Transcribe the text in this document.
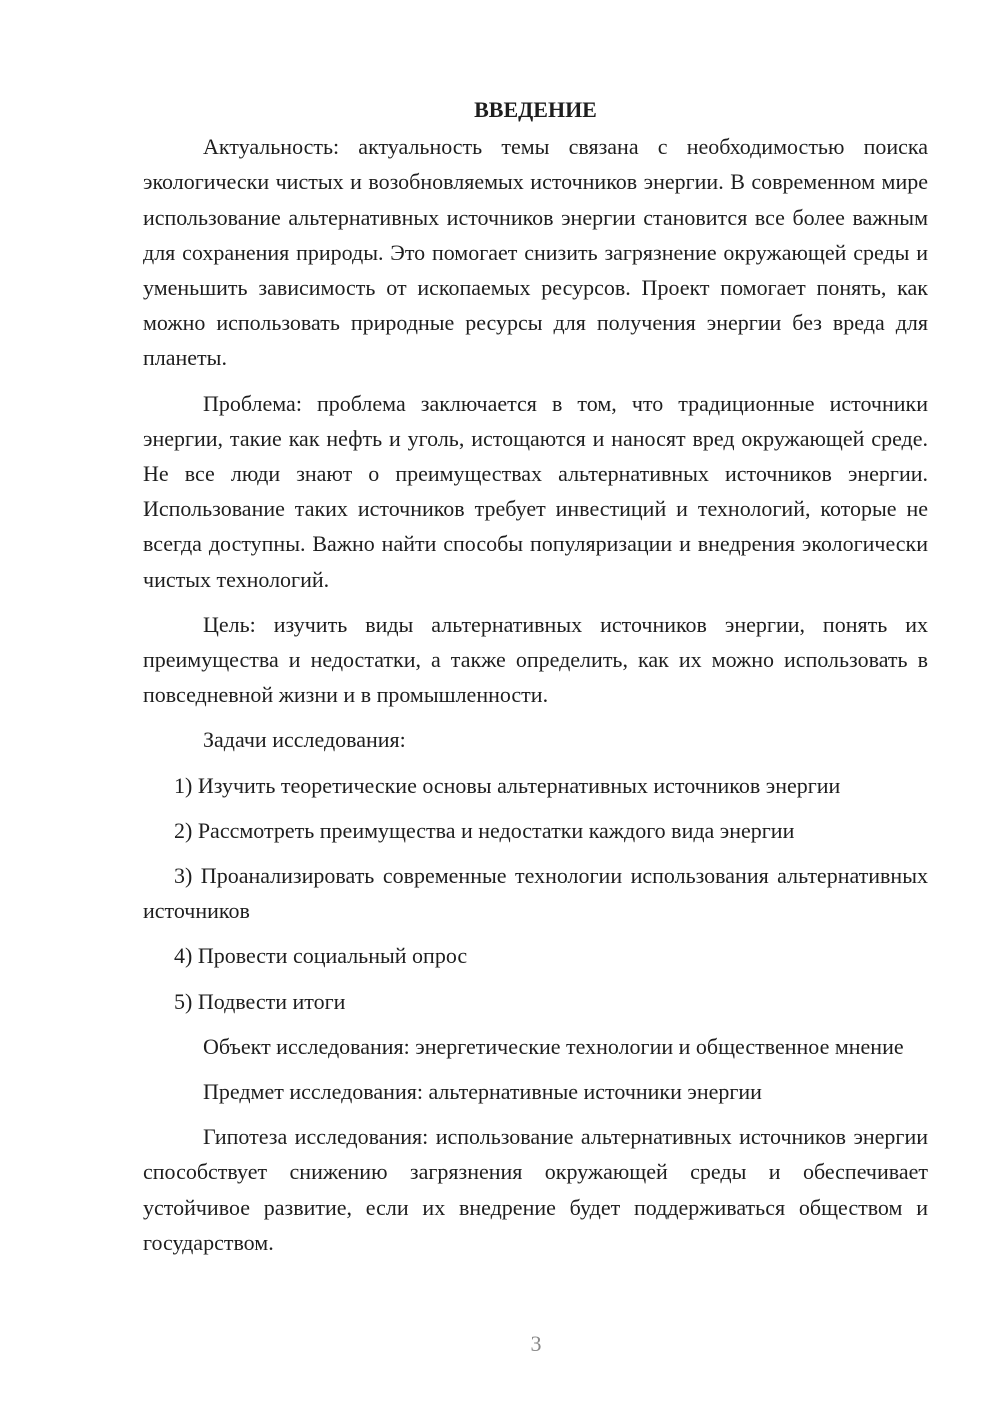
ВВЕДЕНИЕ

Актуальность: актуальность темы связана с необходимостью поиска экологически чистых и возобновляемых источников энергии. В современном мире использование альтернативных источников энергии становится все более важным для сохранения природы. Это помогает снизить загрязнение окружающей среды и уменьшить зависимость от ископаемых ресурсов. Проект помогает понять, как можно использовать природные ресурсы для получения энергии без вреда для планеты.

Проблема: проблема заключается в том, что традиционные источники энергии, такие как нефть и уголь, истощаются и наносят вред окружающей среде. Не все люди знают о преимуществах альтернативных источников энергии. Использование таких источников требует инвестиций и технологий, которые не всегда доступны. Важно найти способы популяризации и внедрения экологически чистых технологий.

Цель: изучить виды альтернативных источников энергии, понять их преимущества и недостатки, а также определить, как их можно использовать в повседневной жизни и в промышленности.

Задачи исследования:

1) Изучить теоретические основы альтернативных источников энергии

2) Рассмотреть преимущества и недостатки каждого вида энергии

3) Проанализировать современные технологии использования альтернативных источников

4) Провести социальный опрос

5) Подвести итоги

Объект исследования: энергетические технологии и общественное мнение

Предмет исследования: альтернативные источники энергии

Гипотеза исследования: использование альтернативных источников энергии способствует снижению загрязнения окружающей среды и обеспечивает устойчивое развитие, если их внедрение будет поддерживаться обществом и государством.

3
